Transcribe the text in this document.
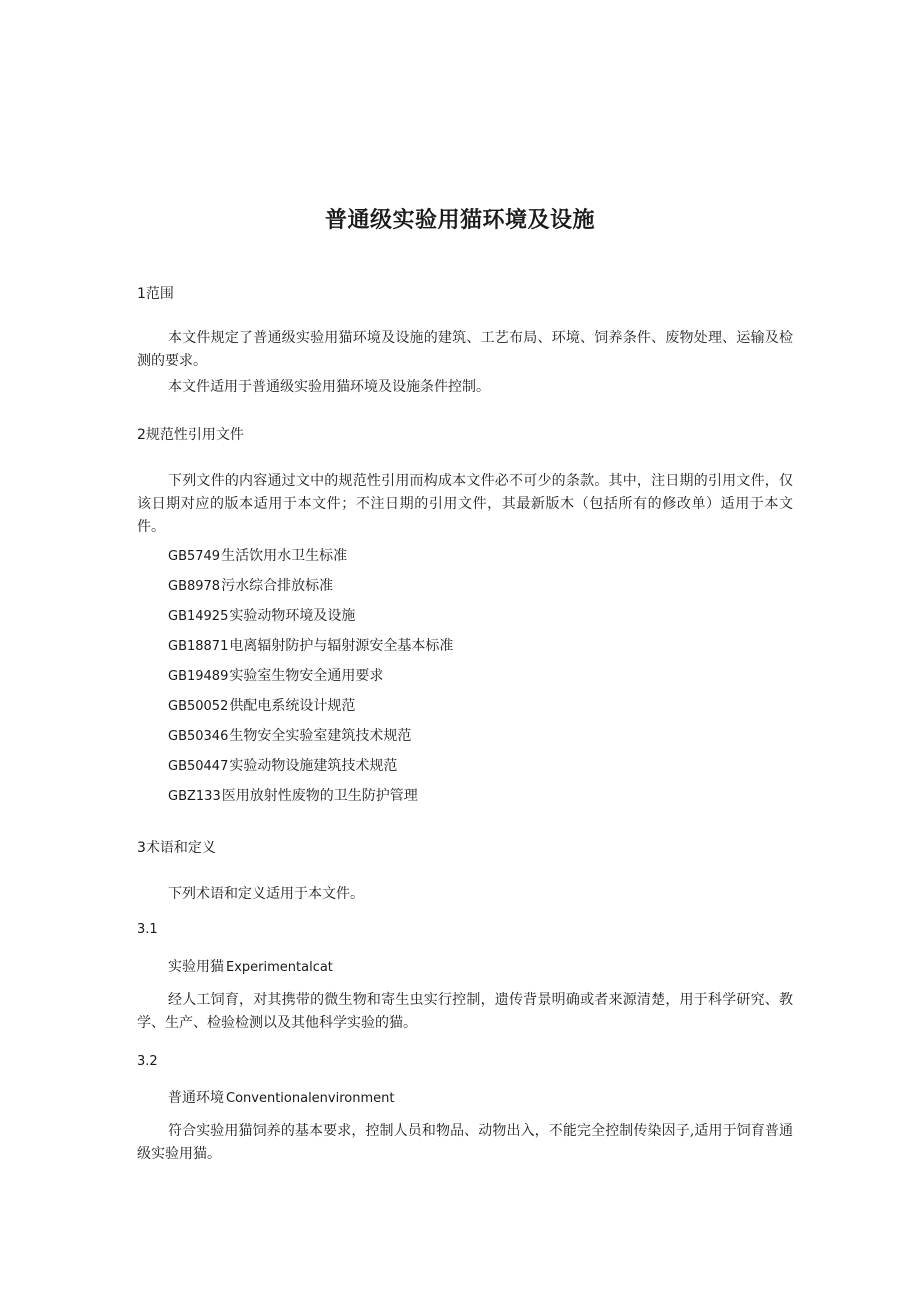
普通级实验用猫环境及设施
1范围
本文件规定了普通级实验用猫环境及设施的建筑、工艺布局、环境、饲养条件、废物处理、运输及检测的要求。
本文件适用于普通级实验用猫环境及设施条件控制。
2规范性引用文件
下列文件的内容通过文中的规范性引用而构成本文件必不可少的条款。其中，注日期的引用文件，仅该日期对应的版本适用于本文件；不注日期的引用文件，其最新版木（包括所有的修改单）适用于本文件。
GB5749生活饮用水卫生标准
GB8978污水综合排放标准
GB14925实验动物环境及设施
GB18871电离辐射防护与辐射源安全基本标准
GB19489实验室生物安全通用要求
GB50052供配电系统设计规范
GB50346生物安全实验室建筑技术规范
GB50447实验动物设施建筑技术规范
GBZ133医用放射性废物的卫生防护管理
3术语和定义
下列术语和定义适用于本文件。
3.1
实验用猫 Experimentalcat
经人工饲育，对其携带的微生物和寄生虫实行控制，遗传背景明确或者来源清楚，用于科学研究、教学、生产、检验检测以及其他科学实验的猫。
3.2
普通环境 Conventionalenvironment
符合实验用猫饲养的基本要求，控制人员和物品、动物出入，不能完全控制传染因子,适用于饲育普通级实验用猫。
